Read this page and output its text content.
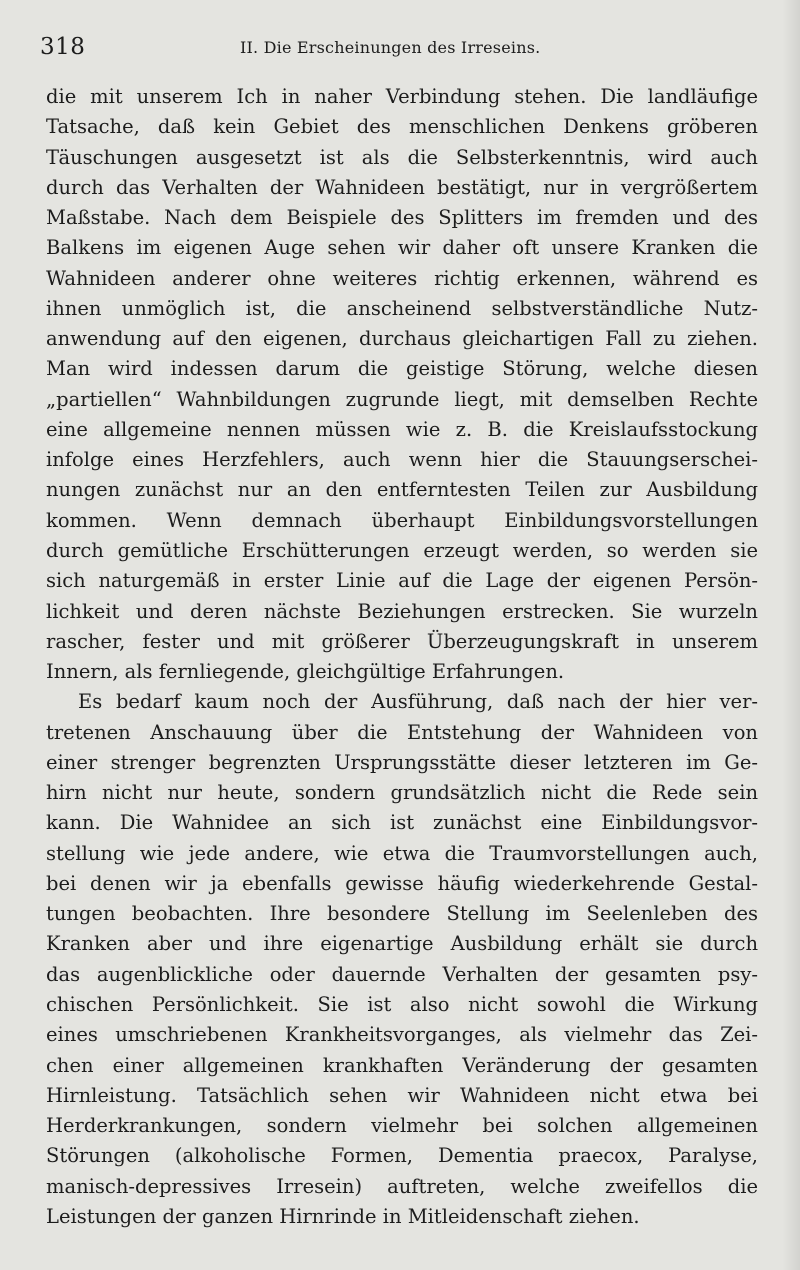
318	II. Die Erscheinungen des Irreseins.
die mit unserem Ich in naher Verbindung stehen. Die landläufige
Tatsache, daß kein Gebiet des menschlichen Denkens gröberen
Täuschungen ausgesetzt ist als die Selbsterkenntnis, wird auch
durch das Verhalten der Wahnideen bestätigt, nur in vergrößertem
Maßstabe. Nach dem Beispiele des Splitters im fremden und des
Balkens im eigenen Auge sehen wir daher oft unsere Kranken die
Wahnideen anderer ohne weiteres richtig erkennen, während es
ihnen unmöglich ist, die anscheinend selbstverständliche Nutz-
anwendung auf den eigenen, durchaus gleichartigen Fall zu ziehen.
Man wird indessen darum die geistige Störung, welche diesen
„partiellen“ Wahnbildungen zugrunde liegt, mit demselben Rechte
eine allgemeine nennen müssen wie z. B. die Kreislaufsstockung
infolge eines Herzfehlers, auch wenn hier die Stauungserschei-
nungen zunächst nur an den entferntesten Teilen zur Ausbildung
kommen. Wenn demnach überhaupt Einbildungsvorstellungen
durch gemütliche Erschütterungen erzeugt werden, so werden sie
sich naturgemäß in erster Linie auf die Lage der eigenen Persön-
lichkeit und deren nächste Beziehungen erstrecken. Sie wurzeln
rascher, fester und mit größerer Überzeugungskraft in unserem
Innern, als fernliegende, gleichgültige Erfahrungen.
Es bedarf kaum noch der Ausführung, daß nach der hier ver-
tretenen Anschauung über die Entstehung der Wahnideen von
einer strenger begrenzten Ursprungsstätte dieser letzteren im Ge-
hirn nicht nur heute, sondern grundsätzlich nicht die Rede sein
kann. Die Wahnidee an sich ist zunächst eine Einbildungsvor-
stellung wie jede andere, wie etwa die Traumvorstellungen auch,
bei denen wir ja ebenfalls gewisse häufig wiederkehrende Gestal-
tungen beobachten. Ihre besondere Stellung im Seelenleben des
Kranken aber und ihre eigenartige Ausbildung erhält sie durch
das augenblickliche oder dauernde Verhalten der gesamten psy-
chischen Persönlichkeit. Sie ist also nicht sowohl die Wirkung
eines umschriebenen Krankheitsvorganges, als vielmehr das Zei-
chen einer allgemeinen krankhaften Veränderung der gesamten
Hirnleistung. Tatsächlich sehen wir Wahnideen nicht etwa bei
Herderkrankungen, sondern vielmehr bei solchen allgemeinen
Störungen (alkoholische Formen, Dementia praecox, Paralyse,
manisch-depressives Irresein) auftreten, welche zweifellos die
Leistungen der ganzen Hirnrinde in Mitleidenschaft ziehen.
